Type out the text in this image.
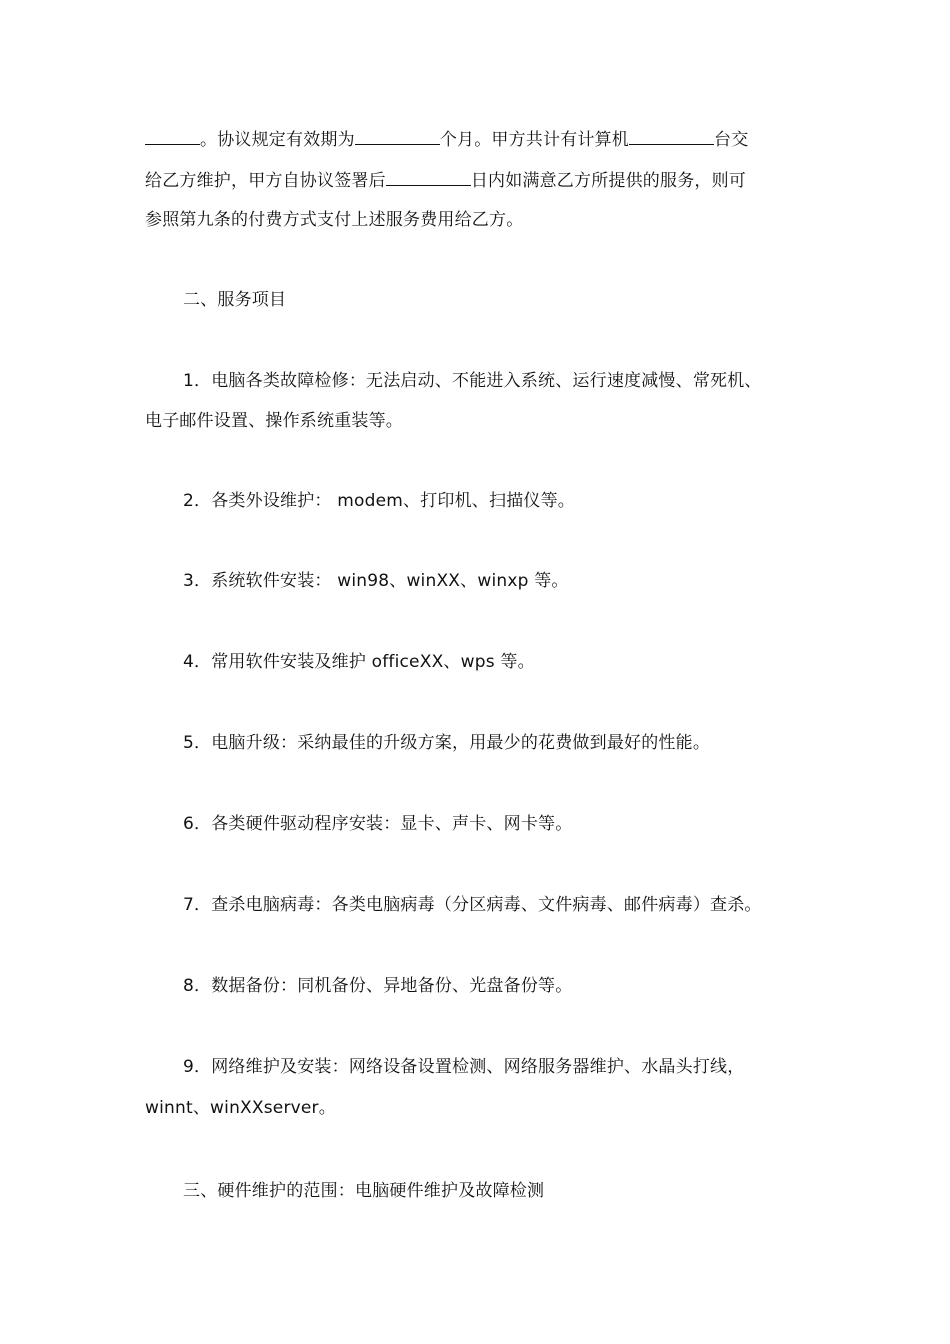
。协议规定有效期为	个月。甲方共计有计算机	台交
给乙方维护，甲方自协议签署后	日内如满意乙方所提供的服务，则可
参照第九条的付费方式支付上述服务费用给乙方。
二、服务项目
1．电脑各类故障检修：无法启动、不能进入系统、运行速度减慢、常死机、
电子邮件设置、操作系统重装等。
2．各类外设维护： modem、打印机、扫描仪等。
3．系统软件安装： win98、winXX、winxp 等。
4．常用软件安装及维护 officeXX、wps 等。
5．电脑升级：采纳最佳的升级方案，用最少的花费做到最好的性能。
6．各类硬件驱动程序安装：显卡、声卡、网卡等。
7．查杀电脑病毒：各类电脑病毒（分区病毒、文件病毒、邮件病毒）查杀。
8．数据备份：同机备份、异地备份、光盘备份等。
9．网络维护及安装：网络设备设置检测、网络服务器维护、水晶头打线，
winnt、winXXserver。
三、硬件维护的范围：电脑硬件维护及故障检测
